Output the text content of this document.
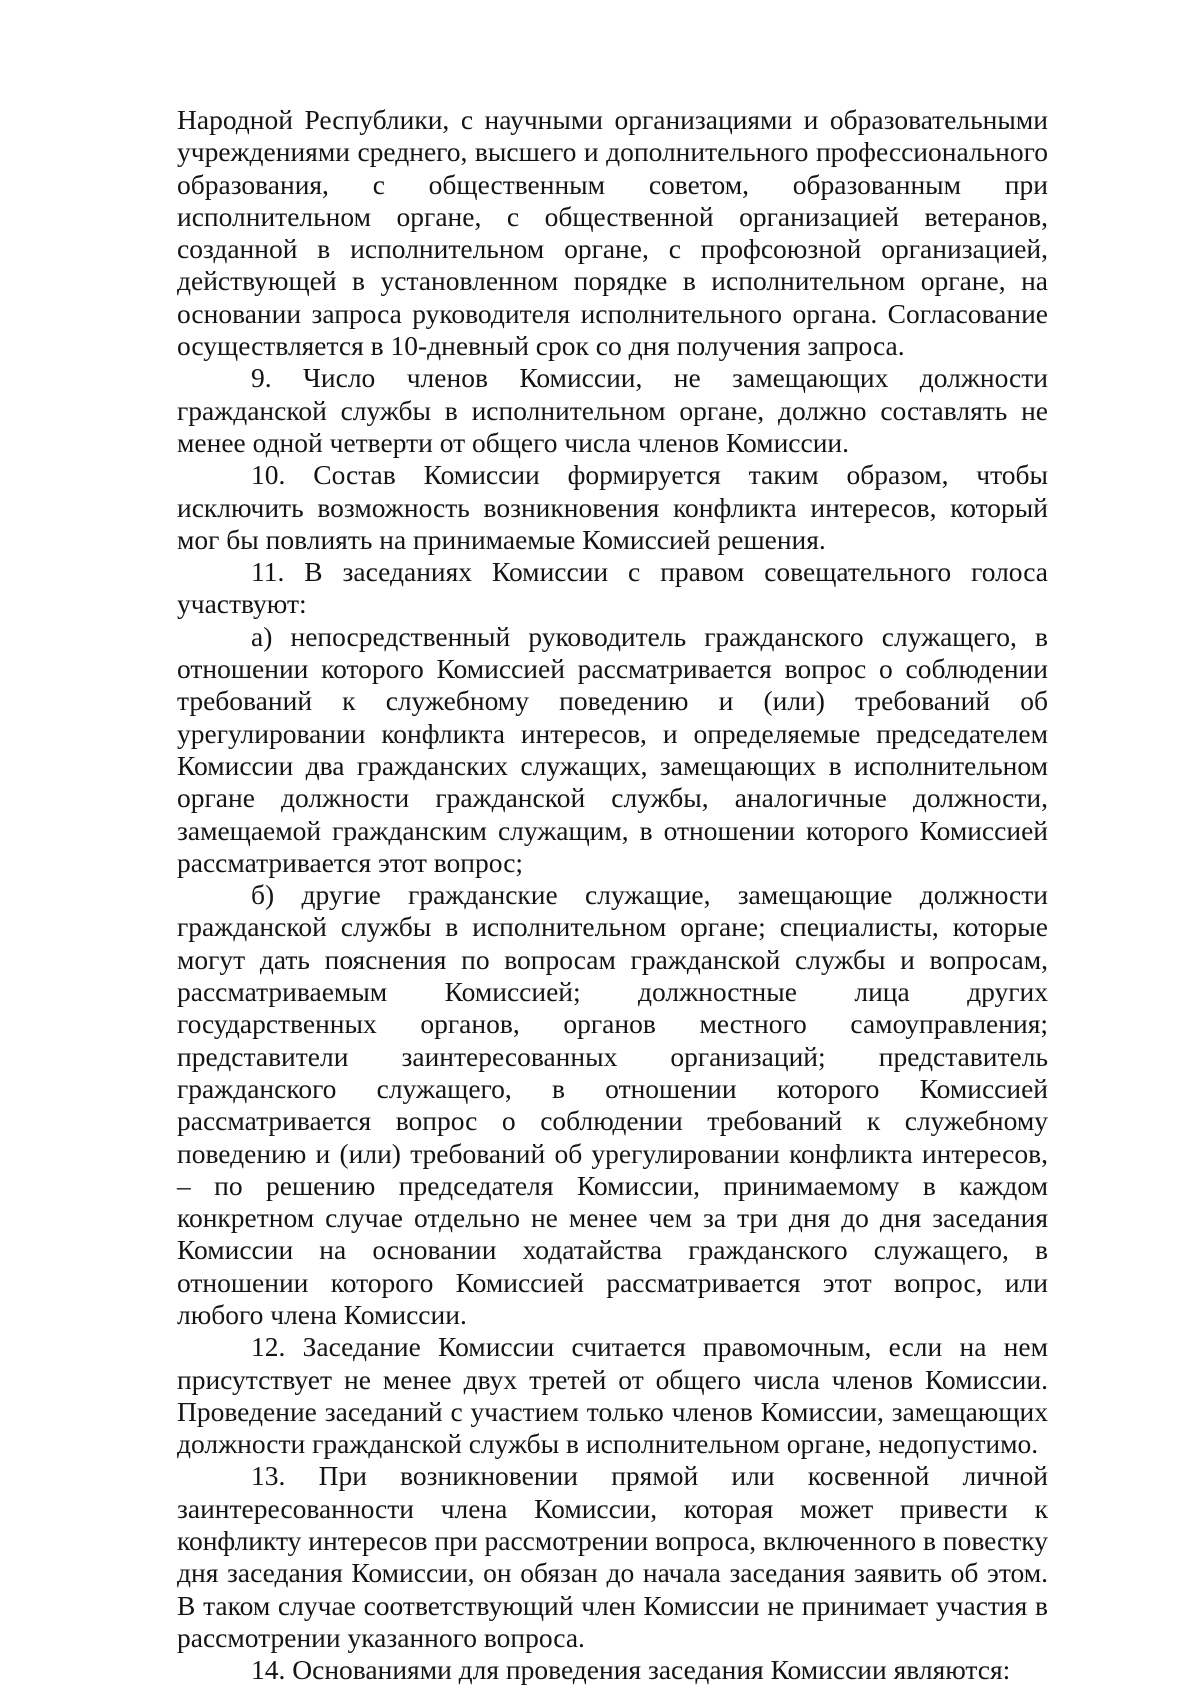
Народной Республики, с научными организациями и образовательными учреждениями среднего, высшего и дополнительного профессионального образования, с общественным советом, образованным при исполнительном органе, с общественной организацией ветеранов, созданной в исполнительном органе, с профсоюзной организацией, действующей в установленном порядке в исполнительном органе, на основании запроса руководителя исполнительного органа. Согласование осуществляется в 10-дневный срок со дня получения запроса.

9. Число членов Комиссии, не замещающих должности гражданской службы в исполнительном органе, должно составлять не менее одной четверти от общего числа членов Комиссии.

10. Состав Комиссии формируется таким образом, чтобы исключить возможность возникновения конфликта интересов, который мог бы повлиять на принимаемые Комиссией решения.

11. В заседаниях Комиссии с правом совещательного голоса участвуют:

а) непосредственный руководитель гражданского служащего, в отношении которого Комиссией рассматривается вопрос о соблюдении требований к служебному поведению и (или) требований об урегулировании конфликта интересов, и определяемые председателем Комиссии два гражданских служащих, замещающих в исполнительном органе должности гражданской службы, аналогичные должности, замещаемой гражданским служащим, в отношении которого Комиссией рассматривается этот вопрос;

б) другие гражданские служащие, замещающие должности гражданской службы в исполнительном органе; специалисты, которые могут дать пояснения по вопросам гражданской службы и вопросам, рассматриваемым Комиссией; должностные лица других государственных органов, органов местного самоуправления; представители заинтересованных организаций; представитель гражданского служащего, в отношении которого Комиссией рассматривается вопрос о соблюдении требований к служебному поведению и (или) требований об урегулировании конфликта интересов, – по решению председателя Комиссии, принимаемому в каждом конкретном случае отдельно не менее чем за три дня до дня заседания Комиссии на основании ходатайства гражданского служащего, в отношении которого Комиссией рассматривается этот вопрос, или любого члена Комиссии.

12. Заседание Комиссии считается правомочным, если на нем присутствует не менее двух третей от общего числа членов Комиссии. Проведение заседаний с участием только членов Комиссии, замещающих должности гражданской службы в исполнительном органе, недопустимо.

13. При возникновении прямой или косвенной личной заинтересованности члена Комиссии, которая может привести к конфликту интересов при рассмотрении вопроса, включенного в повестку дня заседания Комиссии, он обязан до начала заседания заявить об этом. В таком случае соответствующий член Комиссии не принимает участия в рассмотрении указанного вопроса.

14. Основаниями для проведения заседания Комиссии являются:
